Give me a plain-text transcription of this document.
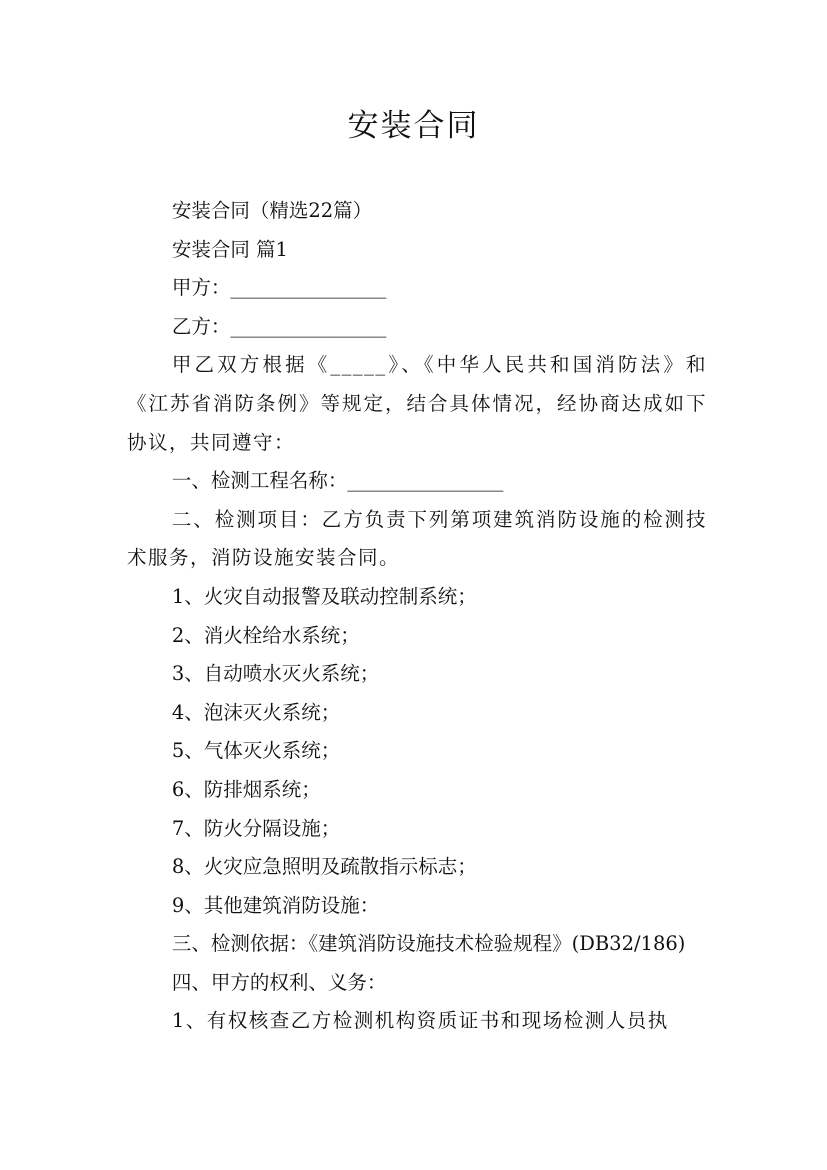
安装合同

安装合同（精选22篇）

安装合同 篇1

甲方：________________

乙方：________________

甲乙双方根据《_____》、《中华人民共和国消防法》和《江苏省消防条例》等规定，结合具体情况，经协商达成如下协议，共同遵守：

一、检测工程名称：________________

二、检测项目：乙方负责下列第项建筑消防设施的检测技术服务，消防设施安装合同。

1、火灾自动报警及联动控制系统；

2、消火栓给水系统；

3、自动喷水灭火系统；

4、泡沫灭火系统；

5、气体灭火系统；

6、防排烟系统；

7、防火分隔设施；

8、火灾应急照明及疏散指示标志；

9、其他建筑消防设施：

三、检测依据：《建筑消防设施技术检验规程》(DB32/186)

四、甲方的权利、义务：

1、有权核查乙方检测机构资质证书和现场检测人员执
